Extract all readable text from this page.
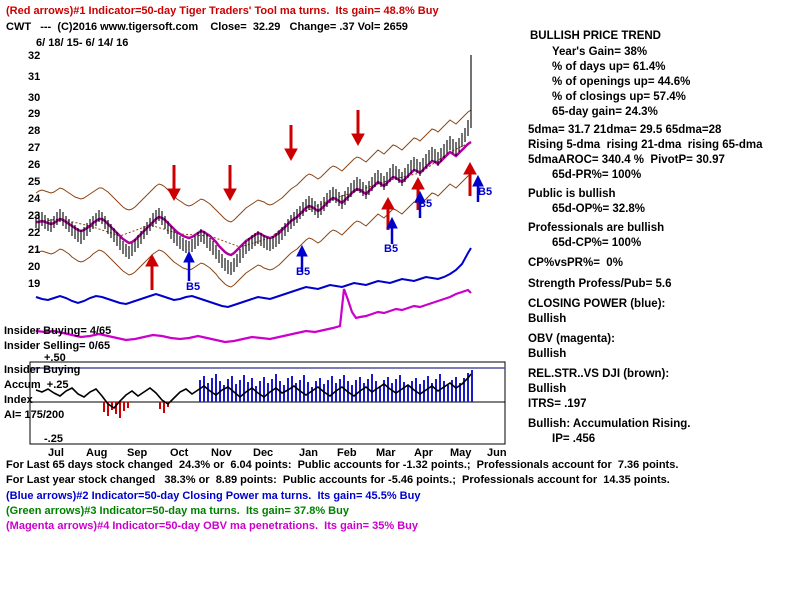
(Red arrows)#1 Indicator=50-day Tiger Traders' Tool ma turns.  Its gain= 48.8% Buy
CWT   ---  (C)2016 www.tigersoft.com    Close=  32.29   Change= .37 Vol= 2659
6/ 18/ 15- 6/ 14/ 16
32
31
30
29
28
27
26
25
24
23
22
21
20
19
Jul Aug Sep Oct Nov Dec Jan Feb Mar Apr May Jun
B5
B5
B5
B5
B5
Insider Buying= 4/65
Insider Selling= 0/65
+.50
Insider Buying
Accum  +.25
Index
AI= 175/200
-.25
BULLISH PRICE TREND
Year's Gain= 38%
% of days up= 61.4%
% of openings up= 44.6%
% of closings up= 57.4%
65-day gain= 24.3%
5dma= 31.7 21dma= 29.5 65dma=28
Rising 5-dma  rising 21-dma  rising 65-dma
5dmaAROC= 340.4 %  PivotP= 30.97
65d-PR%= 100%
Public is bullish
65d-OP%= 32.8%
Professionals are bullish
65d-CP%= 100%
CP%vsPR%=  0%
Strength Profess/Pub= 5.6
CLOSING POWER (blue):
Bullish
OBV (magenta):
Bullish
REL.STR..VS DJI (brown):
Bullish
ITRS= .197
Bullish: Accumulation Rising.
IP= .456
For Last 65 days stock changed  24.3% or  6.04 points:  Public accounts for -1.32 points.;  Professionals account for  7.36 points.
For Last year stock changed   38.3% or  8.89 points:  Public accounts for -5.46 points.;  Professionals account for  14.35 points.
(Blue arrows)#2 Indicator=50-day Closing Power ma turns.  Its gain= 45.5% Buy
(Green arrows)#3 Indicator=50-day ma turns.  Its gain= 37.8% Buy
(Magenta arrows)#4 Indicator=50-day OBV ma penetrations.  Its gain= 35% Buy
